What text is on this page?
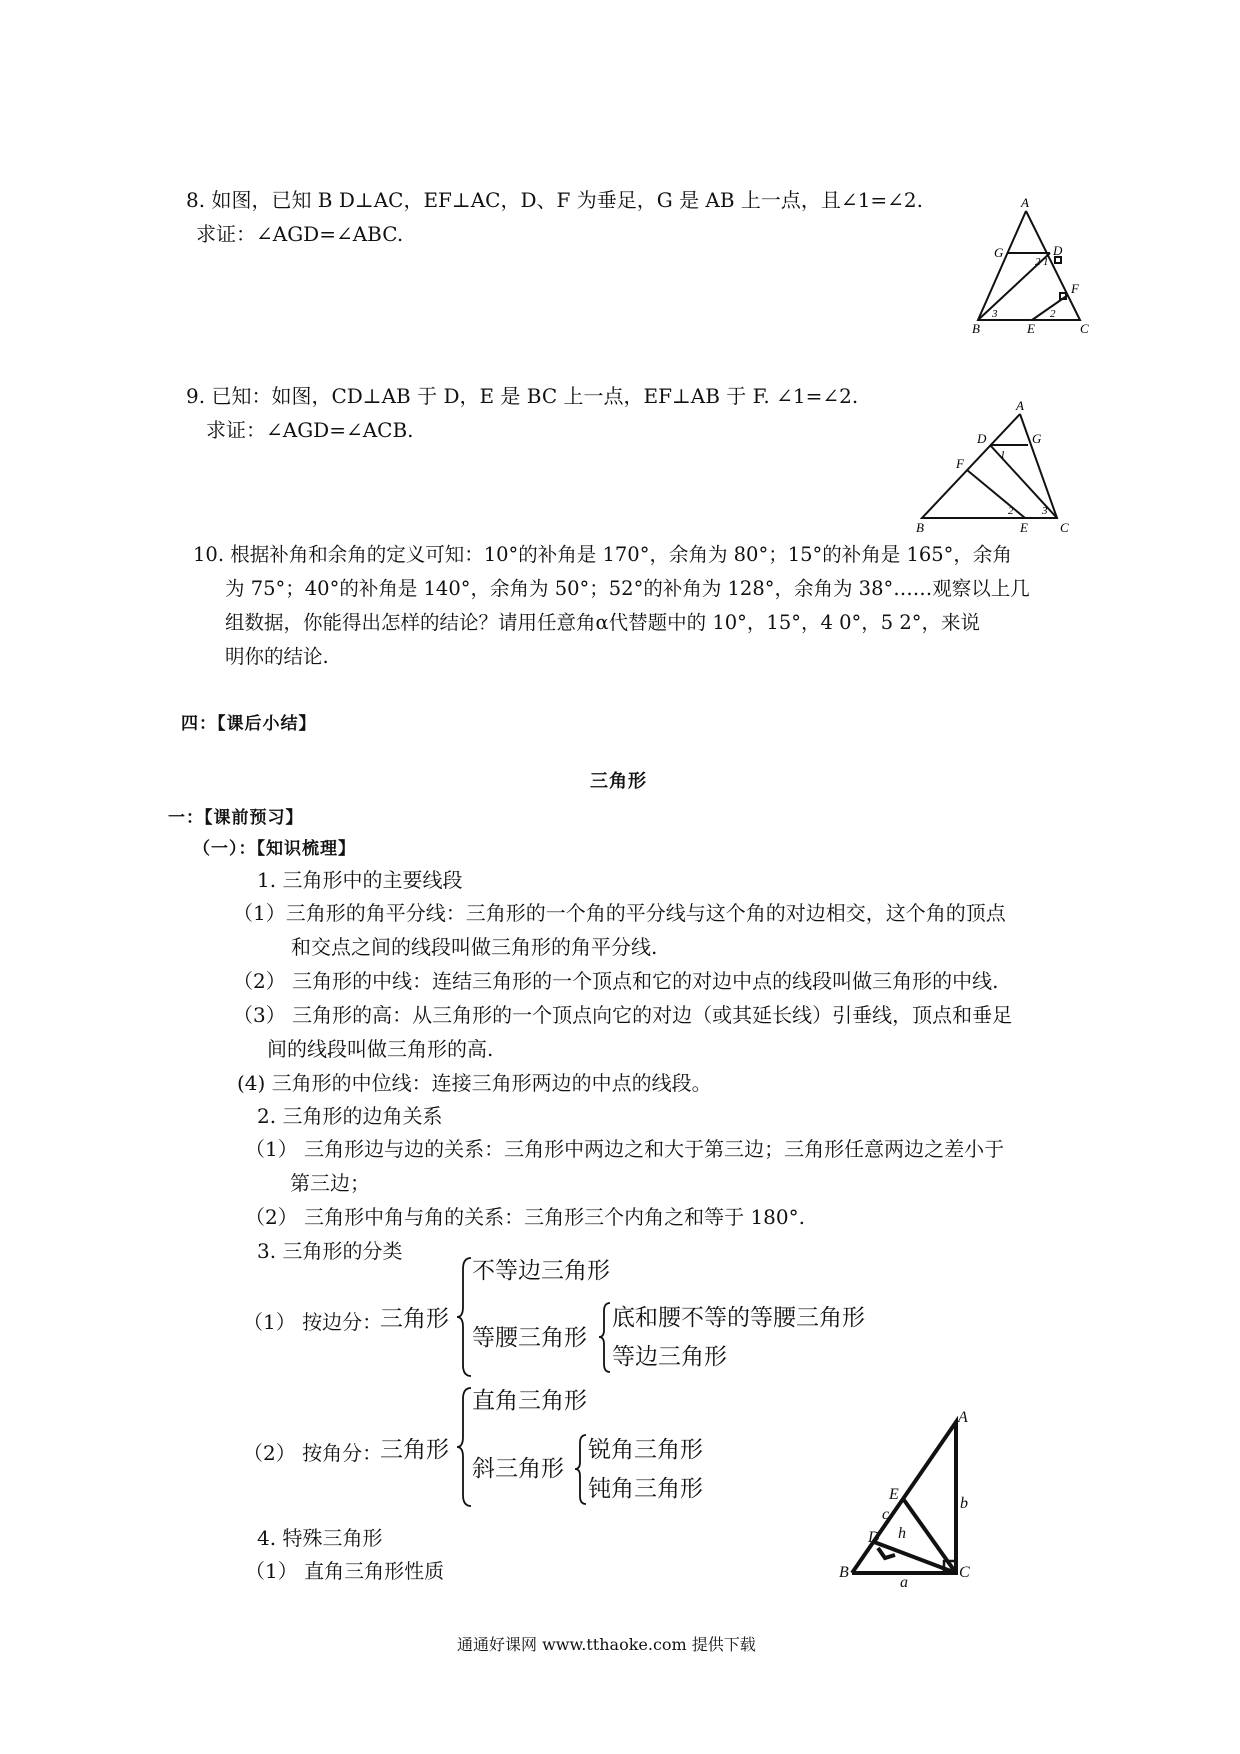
8. 如图，已知 B D⊥AC，EF⊥AC，D、F 为垂足，G 是 AB 上一点，且∠1=∠2.
求证：∠AGD=∠ABC.
A
G	D
F
B	E	C
2 1
3	2
9. 已知：如图，CD⊥AB 于 D，E 是 BC 上一点，EF⊥AB 于 F. ∠1=∠2.
求证：∠AGD=∠ACB.
A
D	G
F
B	E C
1
2	3
10. 根据补角和余角的定义可知：10°的补角是 170°，余角为 80°；15°的补角是 165°，余角
为 75°；40°的补角是 140°，余角为 50°；52°的补角为 128°，余角为 38°……观察以上几
组数据，你能得出怎样的结论？请用任意角α代替题中的 10°，15°，4 0°，5 2°，来说
明你的结论.
四：【课后小结】
三角形
一：【课前预习】
（一）：【知识梳理】
1. 三角形中的主要线段
（1）三角形的角平分线：三角形的一个角的平分线与这个角的对边相交，这个角的顶点
和交点之间的线段叫做三角形的角平分线.
（2） 三角形的中线：连结三角形的一个顶点和它的对边中点的线段叫做三角形的中线.
（3） 三角形的高：从三角形的一个顶点向它的对边（或其延长线）引垂线，顶点和垂足
间的线段叫做三角形的高.
(4) 三角形的中位线：连接三角形两边的中点的线段。
2. 三角形的边角关系
（1） 三角形边与边的关系：三角形中两边之和大于第三边；三角形任意两边之差小于
第三边；
（2） 三角形中角与角的关系：三角形三个内角之和等于 180°.
3. 三角形的分类
（1） 按边分：
三角形
不等边三角形
等腰三角形
底和腰不等的等腰三角形
等边三角形
（2） 按角分：
三角形
直角三角形
斜三角形
锐角三角形
钝角三角形
4. 特殊三角形
（1） 直角三角形性质
A
E
c
b
D h
B	C
a
通通好课网 www.tthaoke.com 提供下载
